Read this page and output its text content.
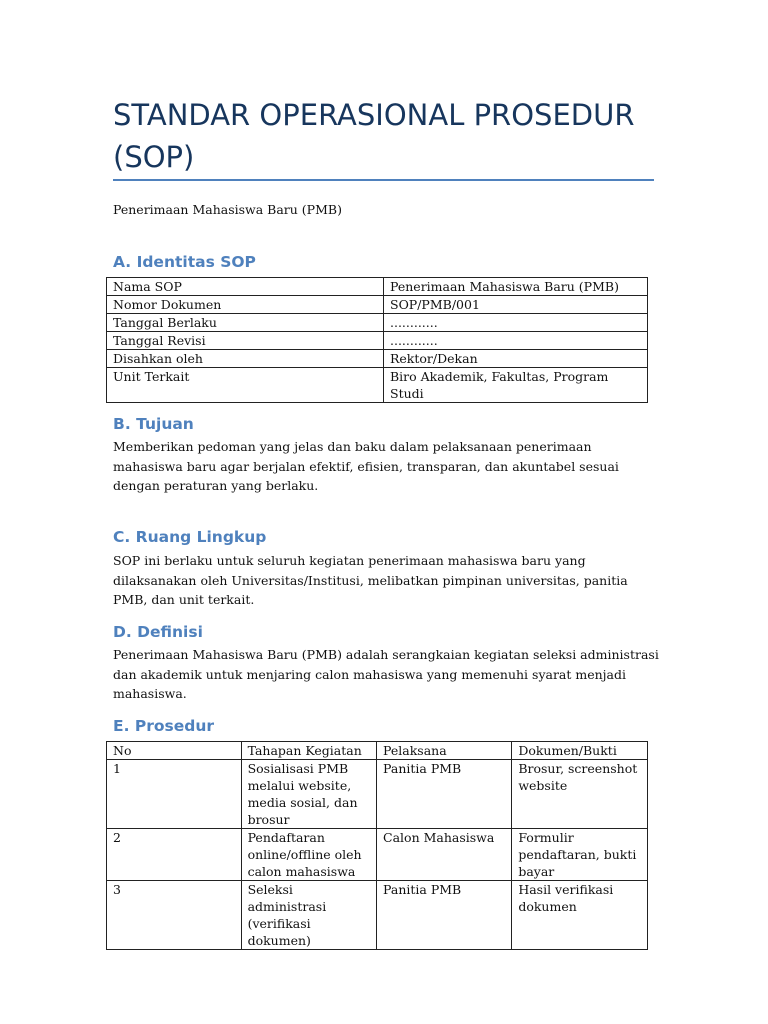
STANDAR OPERASIONAL PROSEDUR (SOP)
Penerimaan Mahasiswa Baru (PMB)
A. Identitas SOP
Nama SOP	Penerimaan Mahasiswa Baru (PMB)
Nomor Dokumen	SOP/PMB/001
Tanggal Berlaku	............
Tanggal Revisi	............
Disahkan oleh	Rektor/Dekan
Unit Terkait	Biro Akademik, Fakultas, Program Studi
B. Tujuan

Memberikan pedoman yang jelas dan baku dalam pelaksanaan penerimaan mahasiswa baru agar berjalan efektif, efisien, transparan, dan akuntabel sesuai dengan peraturan yang berlaku.

C. Ruang Lingkup

SOP ini berlaku untuk seluruh kegiatan penerimaan mahasiswa baru yang dilaksanakan oleh Universitas/Institusi, melibatkan pimpinan universitas, panitia PMB, dan unit terkait.

D. Definisi

Penerimaan Mahasiswa Baru (PMB) adalah serangkaian kegiatan seleksi administrasi dan akademik untuk menjaring calon mahasiswa yang memenuhi syarat menjadi mahasiswa.

E. Prosedur
No	Tahapan Kegiatan	Pelaksana	Dokumen/Bukti
1	Sosialisasi PMB melalui website, media sosial, dan brosur	Panitia PMB	Brosur, screenshot website
2	Pendaftaran online/offline oleh calon mahasiswa	Calon Mahasiswa	Formulir pendaftaran, bukti bayar
3	Seleksi administrasi (verifikasi dokumen)	Panitia PMB	Hasil verifikasi dokumen
